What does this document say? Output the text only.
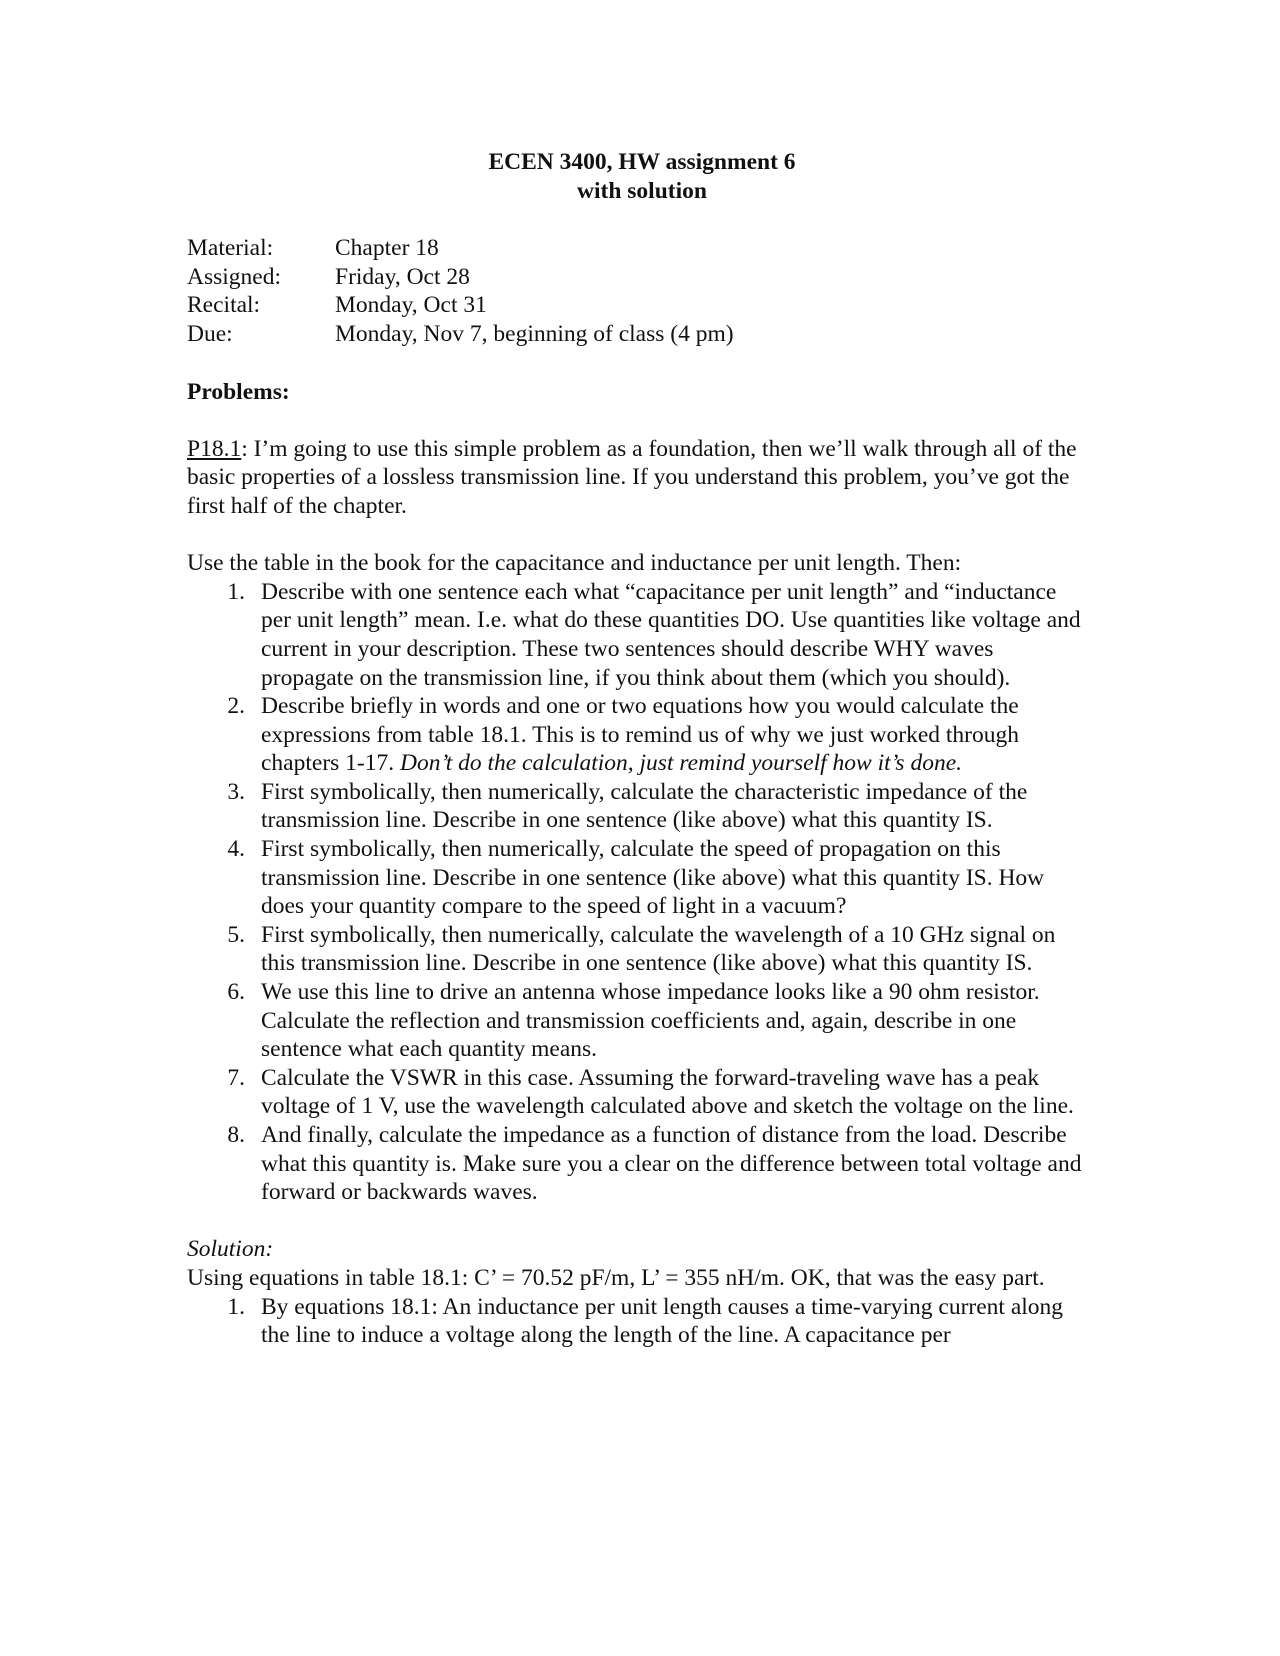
ECEN 3400, HW assignment 6
with solution
Material:	Chapter 18
Assigned:	Friday, Oct 28
Recital:	Monday, Oct 31
Due:	Monday, Nov 7, beginning of class (4 pm)
Problems:
P18.1: I’m going to use this simple problem as a foundation, then we’ll walk through all of the basic properties of a lossless transmission line. If you understand this problem, you’ve got the first half of the chapter.
Use the table in the book for the capacitance and inductance per unit length. Then:
1. Describe with one sentence each what “capacitance per unit length” and “inductance per unit length” mean. I.e. what do these quantities DO. Use quantities like voltage and current in your description. These two sentences should describe WHY waves propagate on the transmission line, if you think about them (which you should).
2. Describe briefly in words and one or two equations how you would calculate the expressions from table 18.1. This is to remind us of why we just worked through chapters 1-17. Don’t do the calculation, just remind yourself how it’s done.
3. First symbolically, then numerically, calculate the characteristic impedance of the transmission line. Describe in one sentence (like above) what this quantity IS.
4. First symbolically, then numerically, calculate the speed of propagation on this transmission line. Describe in one sentence (like above) what this quantity IS. How does your quantity compare to the speed of light in a vacuum?
5. First symbolically, then numerically, calculate the wavelength of a 10 GHz signal on this transmission line. Describe in one sentence (like above) what this quantity IS.
6. We use this line to drive an antenna whose impedance looks like a 90 ohm resistor. Calculate the reflection and transmission coefficients and, again, describe in one sentence what each quantity means.
7. Calculate the VSWR in this case. Assuming the forward-traveling wave has a peak voltage of 1 V, use the wavelength calculated above and sketch the voltage on the line.
8. And finally, calculate the impedance as a function of distance from the load. Describe what this quantity is. Make sure you a clear on the difference between total voltage and forward or backwards waves.
Solution:
Using equations in table 18.1: C’ = 70.52 pF/m, L’ = 355 nH/m. OK, that was the easy part.
1. By equations 18.1: An inductance per unit length causes a time-varying current along the line to induce a voltage along the length of the line. A capacitance per
